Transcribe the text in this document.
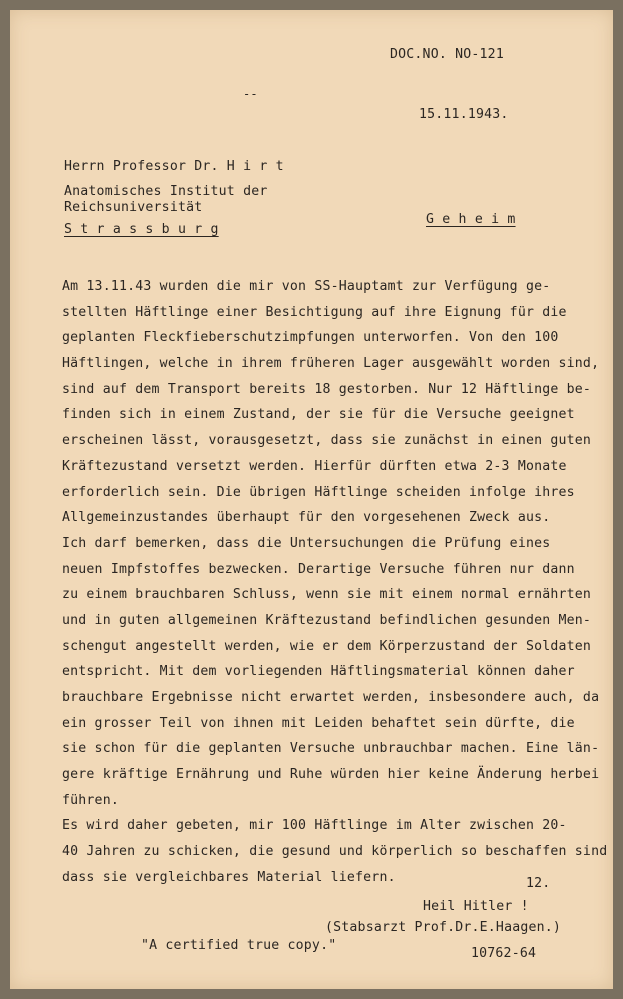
DOC.NO. NO-121
--
15.11.1943.
Herrn Professor Dr. H i r t
Anatomisches Institut der
Reichsuniversität
S t r a s s b u r g
G e h e i m
Am 13.11.43 wurden die mir von SS-Hauptamt zur Verfügung ge-
stellten Häftlinge einer Besichtigung auf ihre Eignung für die
geplanten Fleckfieberschutzimpfungen unterworfen. Von den 100
Häftlingen, welche in ihrem früheren Lager ausgewählt worden sind,
sind auf dem Transport bereits 18 gestorben. Nur 12 Häftlinge be-
finden sich in einem Zustand, der sie für die Versuche geeignet
erscheinen lässt, vorausgesetzt, dass sie zunächst in einen guten
Kräftezustand versetzt werden. Hierfür dürften etwa 2-3 Monate
erforderlich sein. Die übrigen Häftlinge scheiden infolge ihres
Allgemeinzustandes überhaupt für den vorgesehenen Zweck aus.
Ich darf bemerken, dass die Untersuchungen die Prüfung eines
neuen Impfstoffes bezwecken. Derartige Versuche führen nur dann
zu einem brauchbaren Schluss, wenn sie mit einem normal ernährten
und in guten allgemeinen Kräftezustand befindlichen gesunden Men-
schengut angestellt werden, wie er dem Körperzustand der Soldaten
entspricht. Mit dem vorliegenden Häftlingsmaterial können daher
brauchbare Ergebnisse nicht erwartet werden, insbesondere auch, da
ein grosser Teil von ihnen mit Leiden behaftet sein dürfte, die
sie schon für die geplanten Versuche unbrauchbar machen. Eine län-
gere kräftige Ernährung und Ruhe würden hier keine Änderung herbei
führen.
Es wird daher gebeten, mir 100 Häftlinge im Alter zwischen 20-
40 Jahren zu schicken, die gesund und körperlich so beschaffen sind
dass sie vergleichbares Material liefern.	12.
Heil Hitler !
(Stabsarzt Prof.Dr.E.Haagen.)
"A certified true copy."
10762-64
